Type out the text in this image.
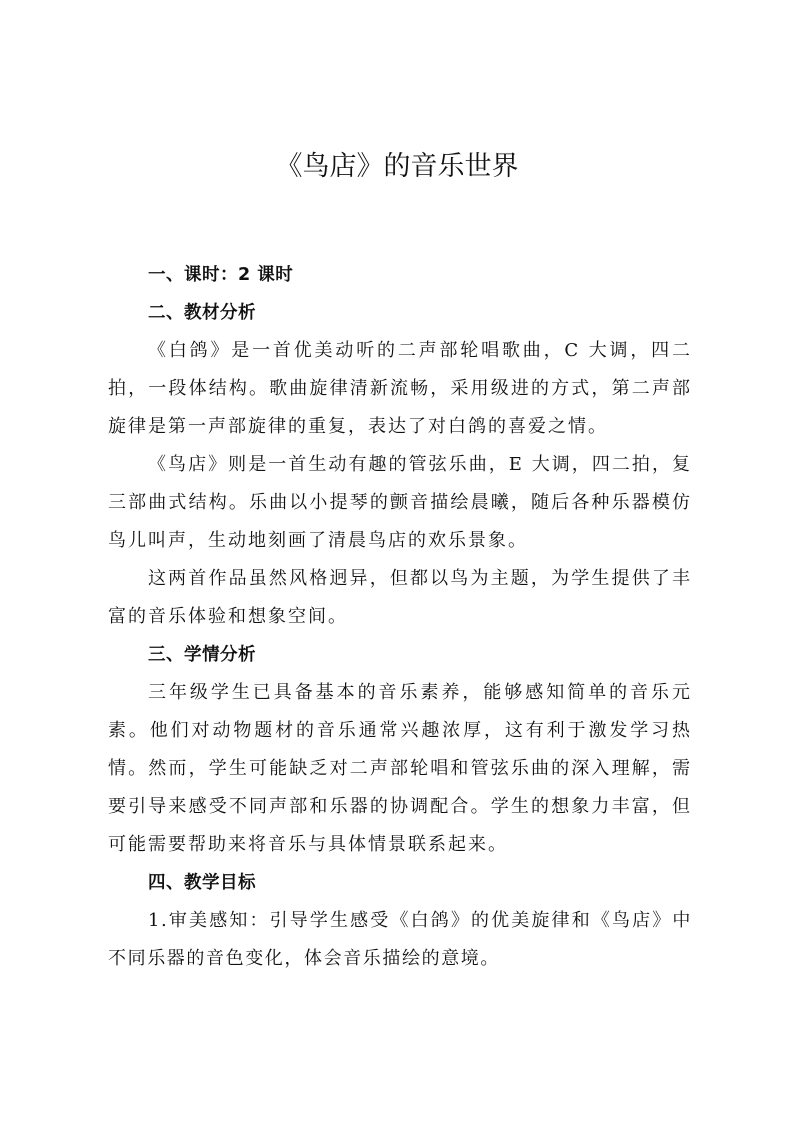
《鸟店》的音乐世界
一、课时：2 课时
二、教材分析

《白鸽》是一首优美动听的二声部轮唱歌曲，C 大调，四二拍，一段体结构。歌曲旋律清新流畅，采用级进的方式，第二声部旋律是第一声部旋律的重复，表达了对白鸽的喜爱之情。

《鸟店》则是一首生动有趣的管弦乐曲，E 大调，四二拍，复三部曲式结构。乐曲以小提琴的颤音描绘晨曦，随后各种乐器模仿鸟儿叫声，生动地刻画了清晨鸟店的欢乐景象。

这两首作品虽然风格迥异，但都以鸟为主题，为学生提供了丰富的音乐体验和想象空间。

三、学情分析

三年级学生已具备基本的音乐素养，能够感知简单的音乐元素。他们对动物题材的音乐通常兴趣浓厚，这有利于激发学习热情。然而，学生可能缺乏对二声部轮唱和管弦乐曲的深入理解，需要引导来感受不同声部和乐器的协调配合。学生的想象力丰富，但可能需要帮助来将音乐与具体情景联系起来。

四、教学目标

1.审美感知：引导学生感受《白鸽》的优美旋律和《鸟店》中不同乐器的音色变化，体会音乐描绘的意境。
